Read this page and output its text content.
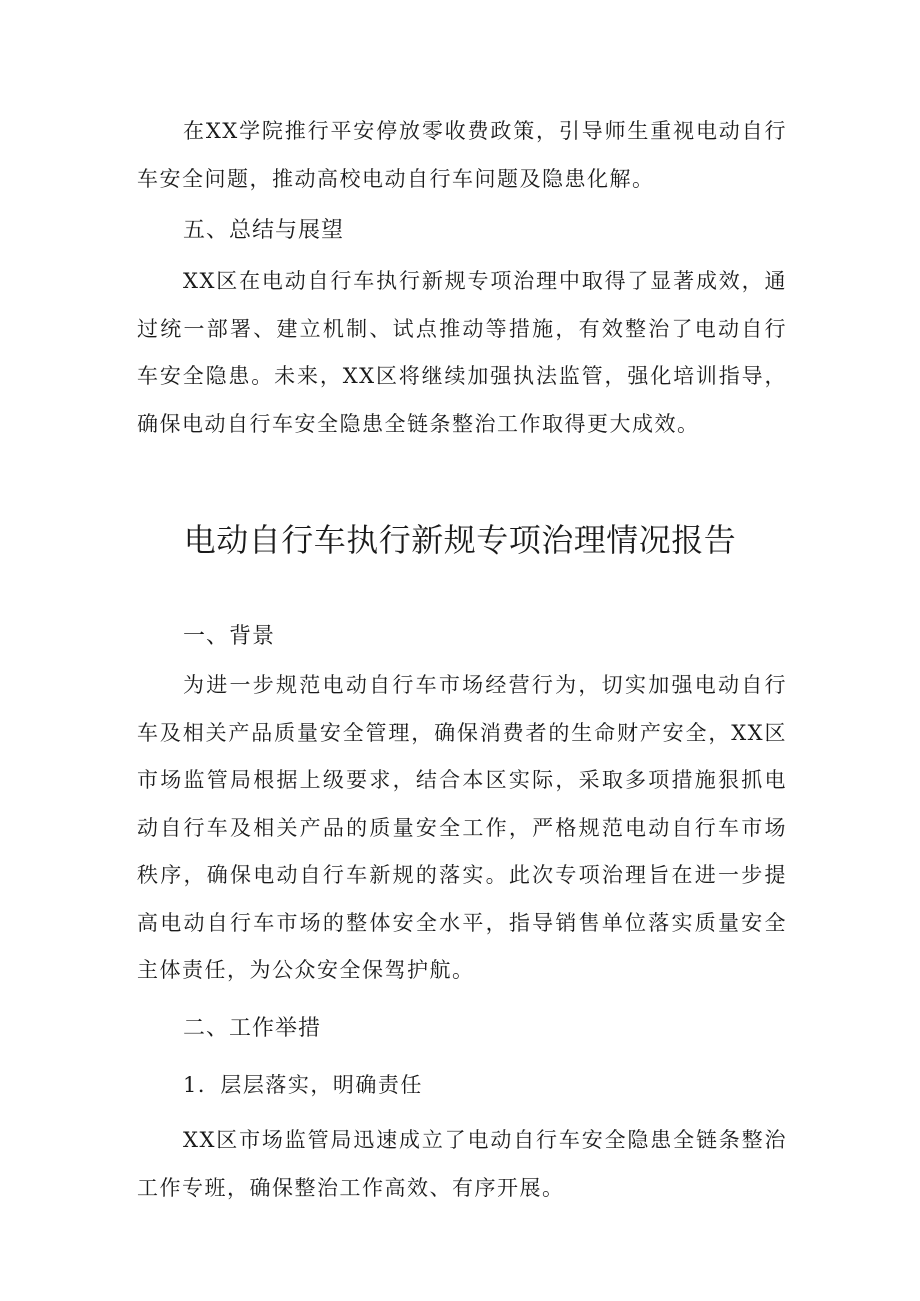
在XX学院推行平安停放零收费政策，引导师生重视电动自行车安全问题，推动高校电动自行车问题及隐患化解。

五、总结与展望

XX区在电动自行车执行新规专项治理中取得了显著成效，通过统一部署、建立机制、试点推动等措施，有效整治了电动自行车安全隐患。未来，XX区将继续加强执法监管，强化培训指导，确保电动自行车安全隐患全链条整治工作取得更大成效。

电动自行车执行新规专项治理情况报告
一、背景

为进一步规范电动自行车市场经营行为，切实加强电动自行车及相关产品质量安全管理，确保消费者的生命财产安全，XX区市场监管局根据上级要求，结合本区实际，采取多项措施狠抓电动自行车及相关产品的质量安全工作，严格规范电动自行车市场秩序，确保电动自行车新规的落实。此次专项治理旨在进一步提高电动自行车市场的整体安全水平，指导销售单位落实质量安全主体责任，为公众安全保驾护航。

二、工作举措

1．层层落实，明确责任

XX区市场监管局迅速成立了电动自行车安全隐患全链条整治工作专班，确保整治工作高效、有序开展。
